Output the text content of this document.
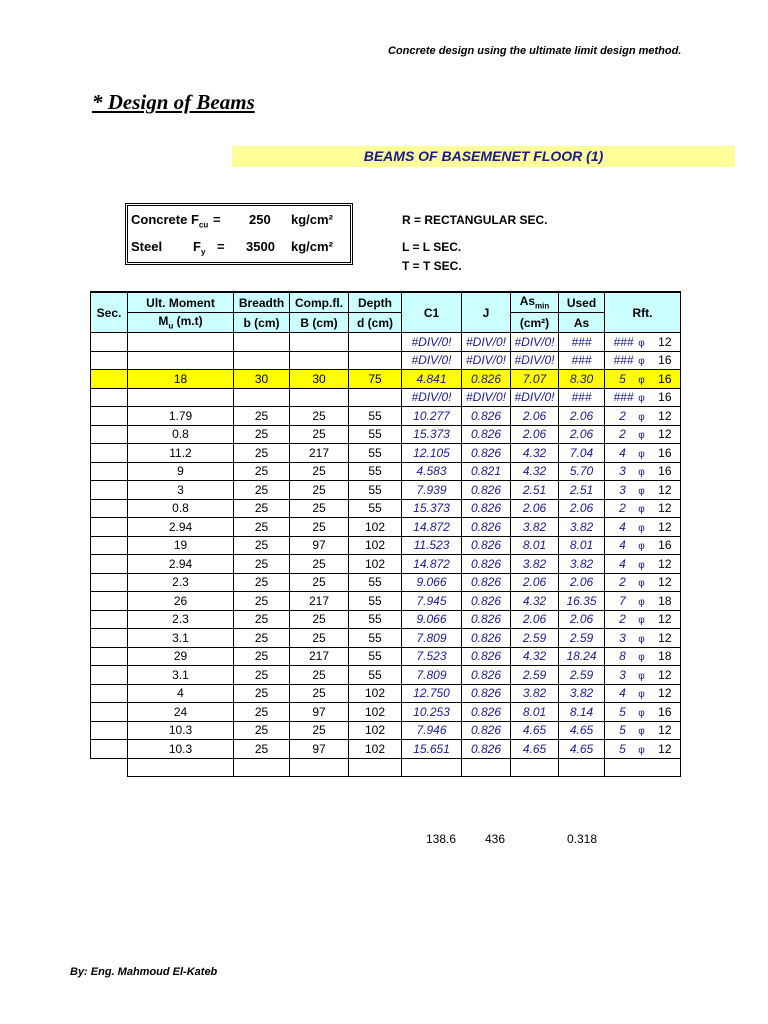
Concrete design using the ultimate limit design method.
* Design of Beams
BEAMS OF BASEMENET FLOOR (1)
Concrete $F_{cu} = 250$ kg/cm²
Steel $F_y = 3500$ kg/cm²
R = RECTANGULAR SEC.
L = L SEC.
T = T SEC.
Sec.	Ult. Moment	Breadth	Comp.fl.	Depth	C1	J	$As_{min}$	Used	Rft.
	$M_u$ (m.t)	b (cm)	B (cm)	d (cm)			(cm²)	As	
					#DIV/0!	#DIV/0!	#DIV/0!	###	### φ 12
					#DIV/0!	#DIV/0!	#DIV/0!	###	### φ 16
	18	30	30	75	4.841	0.826	7.07	8.30	5 φ 16
					#DIV/0!	#DIV/0!	#DIV/0!	###	### φ 16
	1.79	25	25	55	10.277	0.826	2.06	2.06	2 φ 12
	0.8	25	25	55	15.373	0.826	2.06	2.06	2 φ 12
	11.2	25	217	55	12.105	0.826	4.32	7.04	4 φ 16
	9	25	25	55	4.583	0.821	4.32	5.70	3 φ 16
	3	25	25	55	7.939	0.826	2.51	2.51	3 φ 12
	0.8	25	25	55	15.373	0.826	2.06	2.06	2 φ 12
	2.94	25	25	102	14.872	0.826	3.82	3.82	4 φ 12
	19	25	97	102	11.523	0.826	8.01	8.01	4 φ 16
	2.94	25	25	102	14.872	0.826	3.82	3.82	4 φ 12
	2.3	25	25	55	9.066	0.826	2.06	2.06	2 φ 12
	26	25	217	55	7.945	0.826	4.32	16.35	7 φ 18
	2.3	25	25	55	9.066	0.826	2.06	2.06	2 φ 12
	3.1	25	25	55	7.809	0.826	2.59	2.59	3 φ 12
	29	25	217	55	7.523	0.826	4.32	18.24	8 φ 18
	3.1	25	25	55	7.809	0.826	2.59	2.59	3 φ 12
	4	25	25	102	12.750	0.826	3.82	3.82	4 φ 12
	24	25	97	102	10.253	0.826	8.01	8.14	5 φ 16
	10.3	25	25	102	7.946	0.826	4.65	4.65	5 φ 12
	10.3	25	97	102	15.651	0.826	4.65	4.65	5 φ 12

138.6 436	0.318
By: Eng. Mahmoud El-Kateb
